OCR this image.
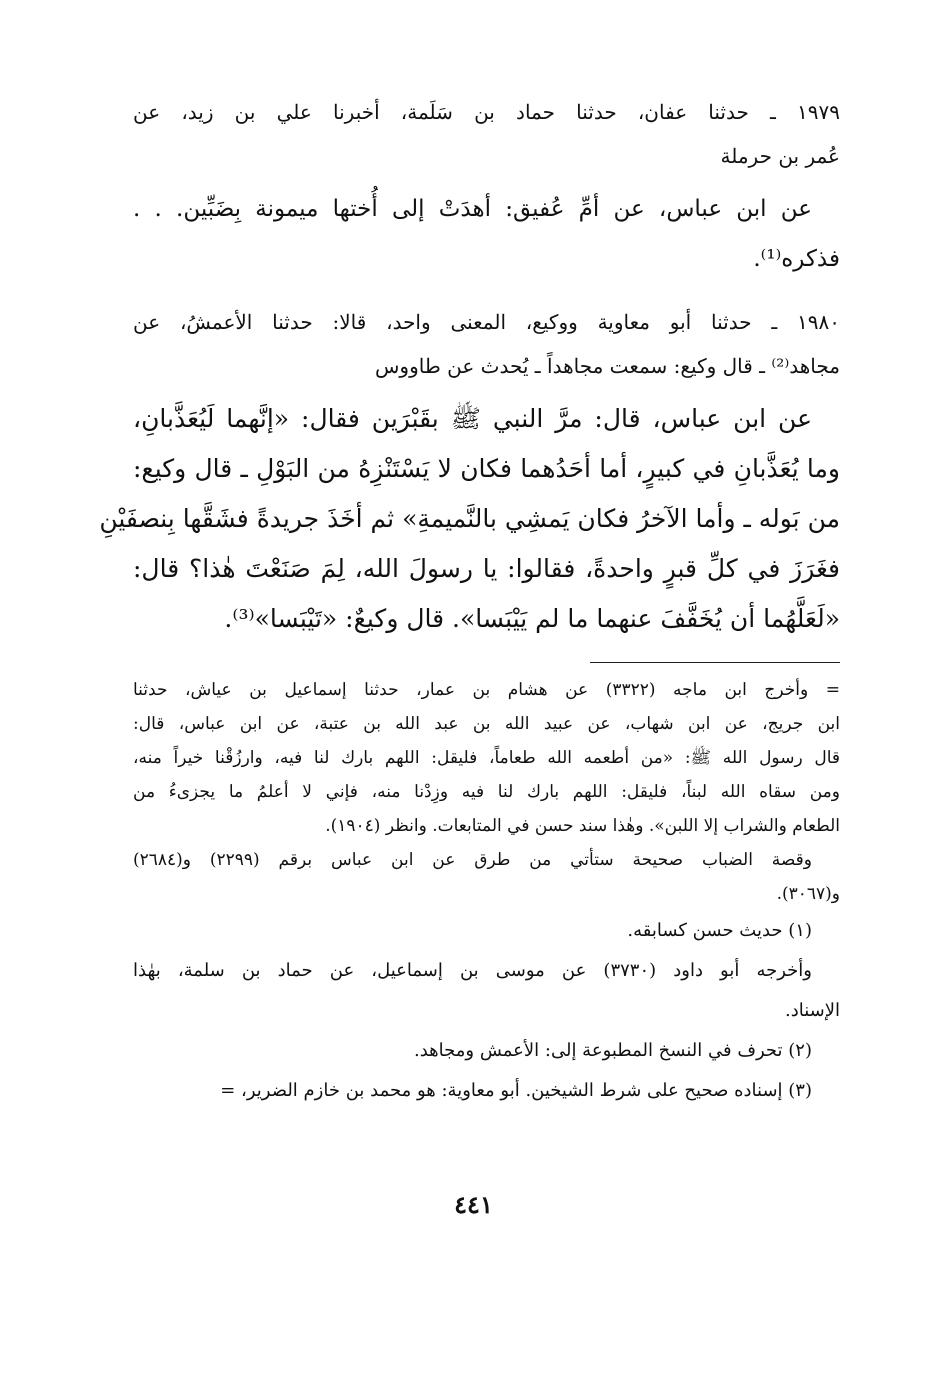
١٩٧٩ ـ حدثنا عفان، حدثنا حماد بن سَلَمة، أخبرنا علي بن زيد، عن

عُمر بن حرملة

عن ابن عباس، عن أمِّ عُفيق: أهدَتْ إلى أُختها ميمونة بِضَبِّين. . .

فذكره⁽¹⁾.

١٩٨٠ ـ حدثنا أبو معاوية ووكيع، المعنى واحد، قالا: حدثنا الأعمشُ، عن

مجاهد⁽²⁾ ـ قال وكيع: سمعت مجاهداً ـ يُحدث عن طاووس

عن ابن عباس، قال: مرَّ النبي ﷺ بقَبْرَين فقال: «إنَّهما لَيُعَذَّبانِ،

وما يُعَذَّبانِ في كبيرٍ، أما أحَدُهما فكان لا يَسْتَنْزِهُ من البَوْلِ ـ قال وكيع:

من بَوله ـ وأما الآخرُ فكان يَمشِي بالنَّميمةِ» ثم أخَذَ جريدةً فشَقَّها بِنصفَيْنِ

فغَرَزَ في كلِّ قبرٍ واحدةً، فقالوا: يا رسولَ الله، لِمَ صَنَعْتَ هٰذا؟ قال:

«لَعَلَّهُما أن يُخَفَّفَ عنهما ما لم يَيْبَسا». قال وكيعٌ: «تَيْبَسا»⁽³⁾.

= وأخرج ابن ماجه (٣٣٢٢) عن هشام بن عمار، حدثنا إسماعيل بن عياش، حدثنا

ابن جريج، عن ابن شهاب، عن عبيد الله بن عبد الله بن عتبة، عن ابن عباس، قال:

قال رسول الله ﷺ: «من أطعمه الله طعاماً، فليقل: اللهم بارك لنا فيه، وارزُقْنا خيراً منه،

ومن سقاه الله لبناً، فليقل: اللهم بارك لنا فيه وزِدْنا منه، فإني لا أعلمُ ما يجزىءُ من

الطعام والشراب إلا اللبن». وهٰذا سند حسن في المتابعات. وانظر (١٩٠٤).

وقصة الضباب صحيحة ستأتي من طرق عن ابن عباس برقم (٢٢٩٩) و(٢٦٨٤)

و(٣٠٦٧).

(١) حديث حسن كسابقه.

وأخرجه أبو داود (٣٧٣٠) عن موسى بن إسماعيل، عن حماد بن سلمة، بهٰذا

الإسناد.

(٢) تحرف في النسخ المطبوعة إلى: الأعمش ومجاهد.

(٣) إسناده صحيح على شرط الشيخين. أبو معاوية: هو محمد بن خازم الضرير، =

٤٤١
